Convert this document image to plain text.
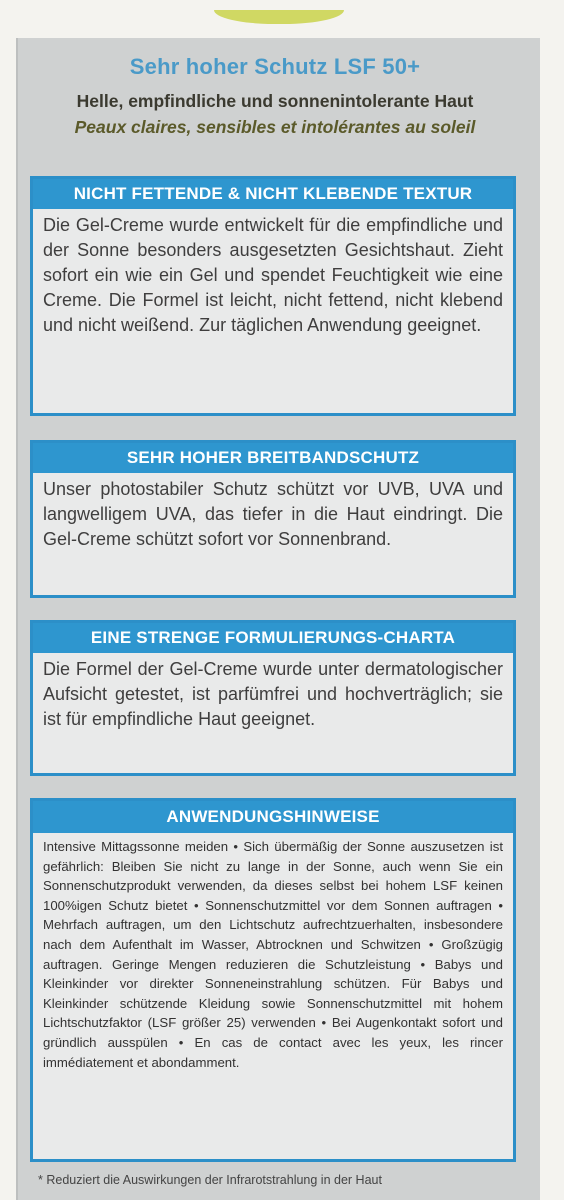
Sehr hoher Schutz LSF 50+
Helle, empfindliche und sonnenintolerante Haut
Peaux claires, sensibles et intolérantes au soleil
NICHT FETTENDE & NICHT KLEBENDE TEXTUR
Die Gel-Creme wurde entwickelt für die empfindliche und der Sonne besonders ausgesetzten Gesichtshaut. Zieht sofort ein wie ein Gel und spendet Feuchtigkeit wie eine Creme. Die Formel ist leicht, nicht fettend, nicht klebend und nicht weißend. Zur täglichen Anwendung geeignet.
SEHR HOHER BREITBANDSCHUTZ
Unser photostabiler Schutz schützt vor UVB, UVA und langwelligem UVA, das tiefer in die Haut eindringt. Die Gel-Creme schützt sofort vor Sonnenbrand.
EINE STRENGE FORMULIERUNGS-CHARTA
Die Formel der Gel-Creme wurde unter dermatologischer Aufsicht getestet, ist parfümfrei und hochverträglich; sie ist für empfindliche Haut geeignet.
ANWENDUNGSHINWEISE
Intensive Mittagssonne meiden • Sich übermäßig der Sonne auszusetzen ist gefährlich: Bleiben Sie nicht zu lange in der Sonne, auch wenn Sie ein Sonnenschutzprodukt verwenden, da dieses selbst bei hohem LSF keinen 100%igen Schutz bietet • Sonnenschutzmittel vor dem Sonnen auftragen • Mehrfach auftragen, um den Lichtschutz aufrechtzuerhalten, insbesondere nach dem Aufenthalt im Wasser, Abtrocknen und Schwitzen • Großzügig auftragen. Geringe Mengen reduzieren die Schutzleistung • Babys und Kleinkinder vor direkter Sonneneinstrahlung schützen. Für Babys und Kleinkinder schützende Kleidung sowie Sonnenschutzmittel mit hohem Lichtschutzfaktor (LSF größer 25) verwenden • Bei Augenkontakt sofort und gründlich ausspülen • En cas de contact avec les yeux, les rincer immédiatement et abondamment.
* Reduziert die Auswirkungen der Infrarotstrahlung in der Haut
